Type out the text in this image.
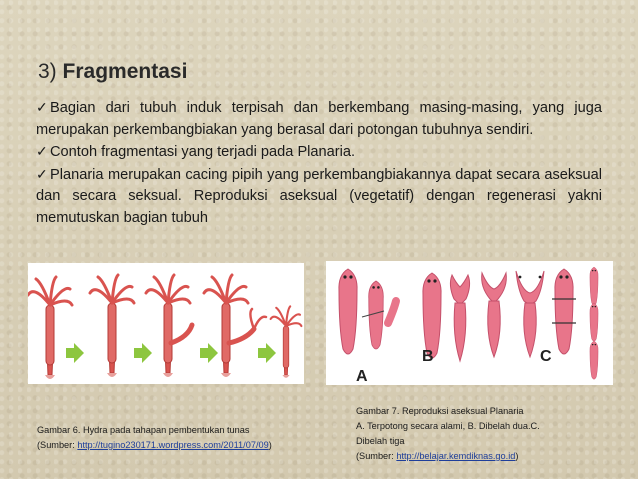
3) Fragmentasi

✓ Bagian dari tubuh induk terpisah dan berkembang masing-masing, yang juga merupakan perkembangbiakan yang berasal dari potongan tubuhnya sendiri.

✓ Contoh fragmentasi yang terjadi pada Planaria.

✓ Planaria merupakan cacing pipih yang perkembangbiakannya dapat secara aseksual dan secara seksual. Reproduksi aseksual (vegetatif) dengan regenerasi yakni memutuskan bagian tubuh

A
B	C
Gambar 6. Hydra pada tahapan pembentukan tunas
(Sumber: http://tugino230171.wordpress.com/2011/07/09)
Gambar 7. Reproduksi aseksual Planaria
A. Terpotong secara alami, B. Dibelah dua.C.
Dibelah tiga
(Sumber: http://belajar.kemdiknas.go.id)
